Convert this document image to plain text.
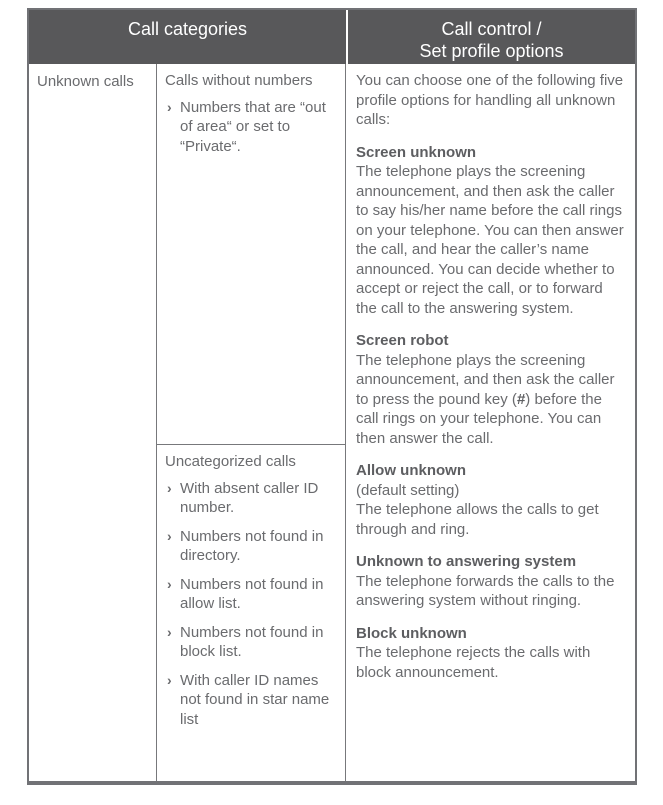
Call categories	Call control /
Set profile options

Unknown calls	Calls without numbers

› Numbers that are “out of area“ or set to “Private“.

Uncategorized calls

› With absent caller ID number.
› Numbers not found in directory.
› Numbers not found in allow list.
› Numbers not found in block list.
› With caller ID names not found in star name list

You can choose one of the following five profile options for handling all unknown calls:

Screen unknown

The telephone plays the screening announcement, and then ask the caller to say his/her name before the call rings on your telephone. You can then answer the call, and hear the caller’s name announced. You can decide whether to accept or reject the call, or to forward the call to the answering system.

Screen robot

The telephone plays the screening announcement, and then ask the caller to press the pound key (#) before the call rings on your telephone. You can then answer the call.

Allow unknown

(default setting)

The telephone allows the calls to get through and ring.

Unknown to answering system

The telephone forwards the calls to the answering system without ringing.

Block unknown

The telephone rejects the calls with block announcement.
